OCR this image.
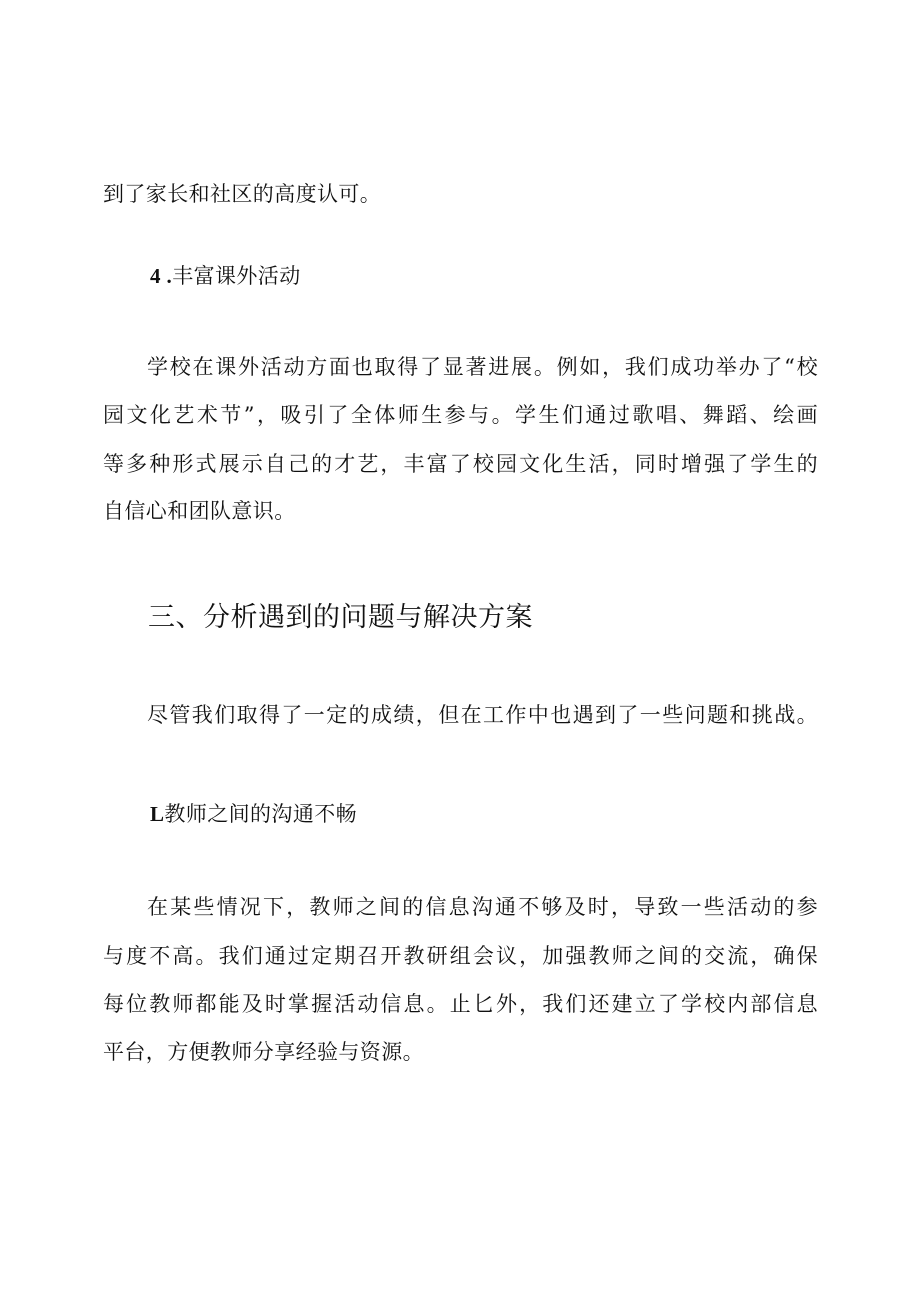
到了家长和社区的高度认可。
4 .丰富课外活动
学校在课外活动方面也取得了显著进展。例如，我们成功举办了“校
园文化艺术节”，吸引了全体师生参与。学生们通过歌唱、舞蹈、绘画
等多种形式展示自己的才艺，丰富了校园文化生活，同时增强了学生的
自信心和团队意识。
三、分析遇到的问题与解决方案
尽管我们取得了一定的成绩，但在工作中也遇到了一些问题和挑战。
L教师之间的沟通不畅
在某些情况下，教师之间的信息沟通不够及时，导致一些活动的参
与度不高。我们通过定期召开教研组会议，加强教师之间的交流，确保
每位教师都能及时掌握活动信息。止匕外，我们还建立了学校内部信息
平台，方便教师分享经验与资源。
